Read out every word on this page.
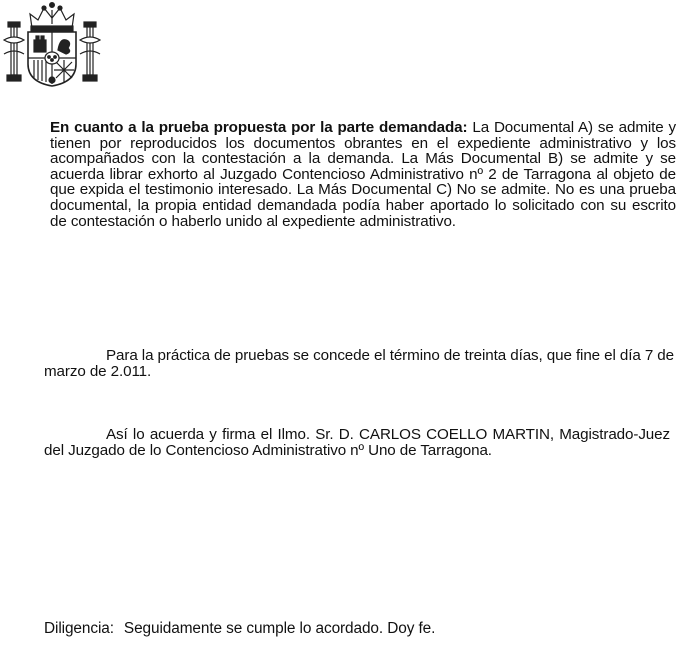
En cuanto a la prueba propuesta por la parte demandada: La Documental A) se admite y tienen por reproducidos los documentos obrantes en el expediente administrativo y los acompañados con la contestación a la demanda. La Más Documental B) se admite y se acuerda librar exhorto al Juzgado Contencioso Administrativo nº 2 de Tarragona al objeto de que expida el testimonio interesado. La Más Documental C) No se admite. No es una prueba documental, la propia entidad demandada podía haber aportado lo solicitado con su escrito de contestación o haberlo unido al expediente administrativo.

Para la práctica de pruebas se concede el término de treinta días, que fine el día 7 de marzo de 2.011.

Así lo acuerda y firma el Ilmo. Sr. D. CARLOS COELLO MARTIN, Magistrado-Juez del Juzgado de lo Contencioso Administrativo nº Uno de Tarragona.

Diligencia: Seguidamente se cumple lo acordado. Doy fe.
